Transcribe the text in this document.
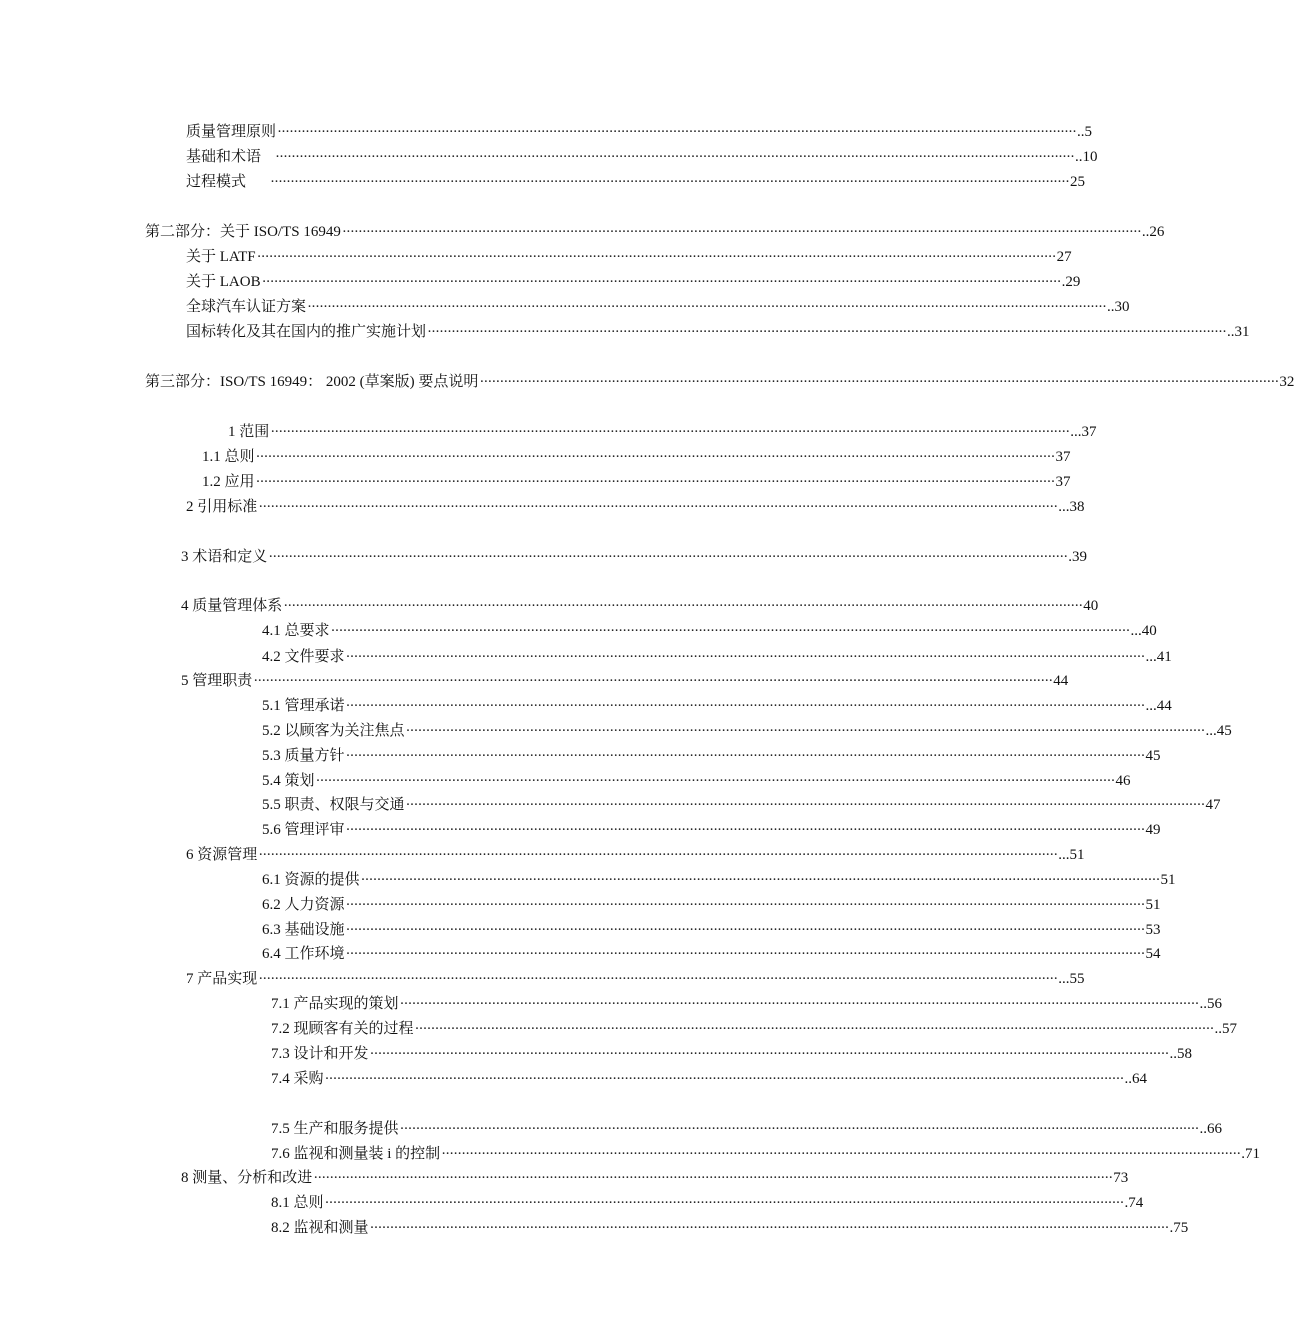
质量管理原则 ········································································································································································································ ..5
基础和术语 ········································································································································································································ ..10
过程模式 ········································································································································································································ 25
第二部分：关于 ISO/TS 16949 ········································································································································································································ ..26
关于 LATF ········································································································································································································ 27
关于 LAOB ········································································································································································································ .29
全球汽车认证方案 ········································································································································································································ ..30
国标转化及其在国内的推广实施计划 ········································································································································································································ ..31
第三部分：ISO/TS 16949： 2002 (草案版) 要点说明 ········································································································································································································ 32
1 范围 ········································································································································································································ ...37
1.1 总则 ········································································································································································································ 37
1.2 应用 ········································································································································································································ 37
2 引用标准 ········································································································································································································ ...38
3 术语和定义 ········································································································································································································ .39
4 质量管理体系 ········································································································································································································ 40
4.1 总要求 ········································································································································································································ ...40
4.2 文件要求 ········································································································································································································ ...41
5 管理职责 ········································································································································································································ 44
5.1 管理承诺 ········································································································································································································ ...44
5.2 以顾客为关注焦点 ········································································································································································································ ...45
5.3 质量方针 ········································································································································································································ 45
5.4 策划 ········································································································································································································ 46
5.5 职责、权限与交通 ········································································································································································································ 47
5.6 管理评审 ········································································································································································································ 49
6 资源管理 ········································································································································································································ ...51
6.1 资源的提供 ········································································································································································································ 51
6.2 人力资源 ········································································································································································································ 51
6.3 基础设施 ········································································································································································································ 53
6.4 工作环境 ········································································································································································································ 54
7 产品实现 ········································································································································································································ ...55
7.1 产品实现的策划 ········································································································································································································ ..56
7.2 现顾客有关的过程 ········································································································································································································ ..57
7.3 设计和开发 ········································································································································································································ ..58
7.4 采购 ········································································································································································································ ..64
7.5 生产和服务提供 ········································································································································································································ ..66
7.6 监视和测量装 i 的控制 ········································································································································································································ .71
8 测量、分析和改进 ········································································································································································································ 73
8.1 总则 ········································································································································································································ .74
8.2 监视和测量 ········································································································································································································ .75
